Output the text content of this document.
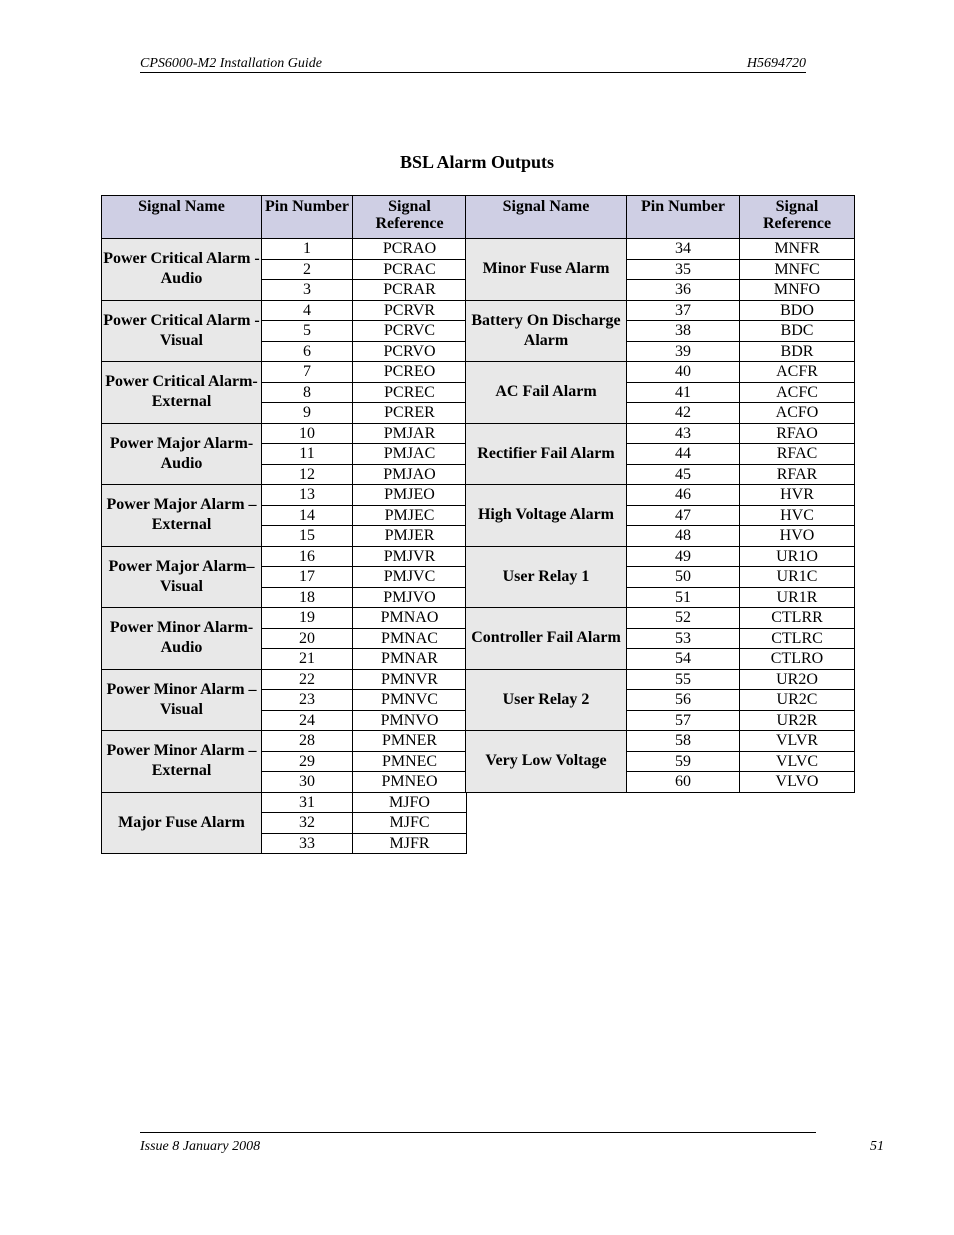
CPS6000-M2 Installation Guide	H5694720
BSL Alarm Outputs
Signal Name	Pin Number	Signal Reference
Power Critical Alarm -Audio	1	PCRAO
	2	PCRAC
	3	PCRAR
Power Critical Alarm -Visual	4	PCRVR
	5	PCRVC
	6	PCRVO
Power Critical Alarm-External	7	PCREO
	8	PCREC
	9	PCRER
Power Major Alarm-Audio	10	PMJAR
	11	PMJAC
	12	PMJAO
Power Major Alarm –External	13	PMJEO
	14	PMJEC
	15	PMJER
Power Major Alarm–Visual	16	PMJVR
	17	PMJVC
	18	PMJVO
Power Minor Alarm-Audio	19	PMNAO
	20	PMNAC
	21	PMNAR
Power Minor Alarm –Visual	22	PMNVR
	23	PMNVC
	24	PMNVO
Power Minor Alarm –External	28	PMNER
	29	PMNEC
	30	PMNEO
Major Fuse Alarm	31	MJFO
	32	MJFC
	33	MJFR
Signal Name	Pin Number	Signal Reference
Minor Fuse Alarm	34	MNFR
	35	MNFC
	36	MNFO
Battery On Discharge Alarm	37	BDO
	38	BDC
	39	BDR
AC Fail Alarm	40	ACFR
	41	ACFC
	42	ACFO
Rectifier Fail Alarm	43	RFAO
	44	RFAC
	45	RFAR
High Voltage Alarm	46	HVR
	47	HVC
	48	HVO
User Relay 1	49	UR1O
	50	UR1C
	51	UR1R
Controller Fail Alarm	52	CTLRR
	53	CTLRC
	54	CTLRO
User Relay 2	55	UR2O
	56	UR2C
	57	UR2R
Very Low Voltage	58	VLVR
	59	VLVC
	60	VLVO
Issue 8 January 2008	51
